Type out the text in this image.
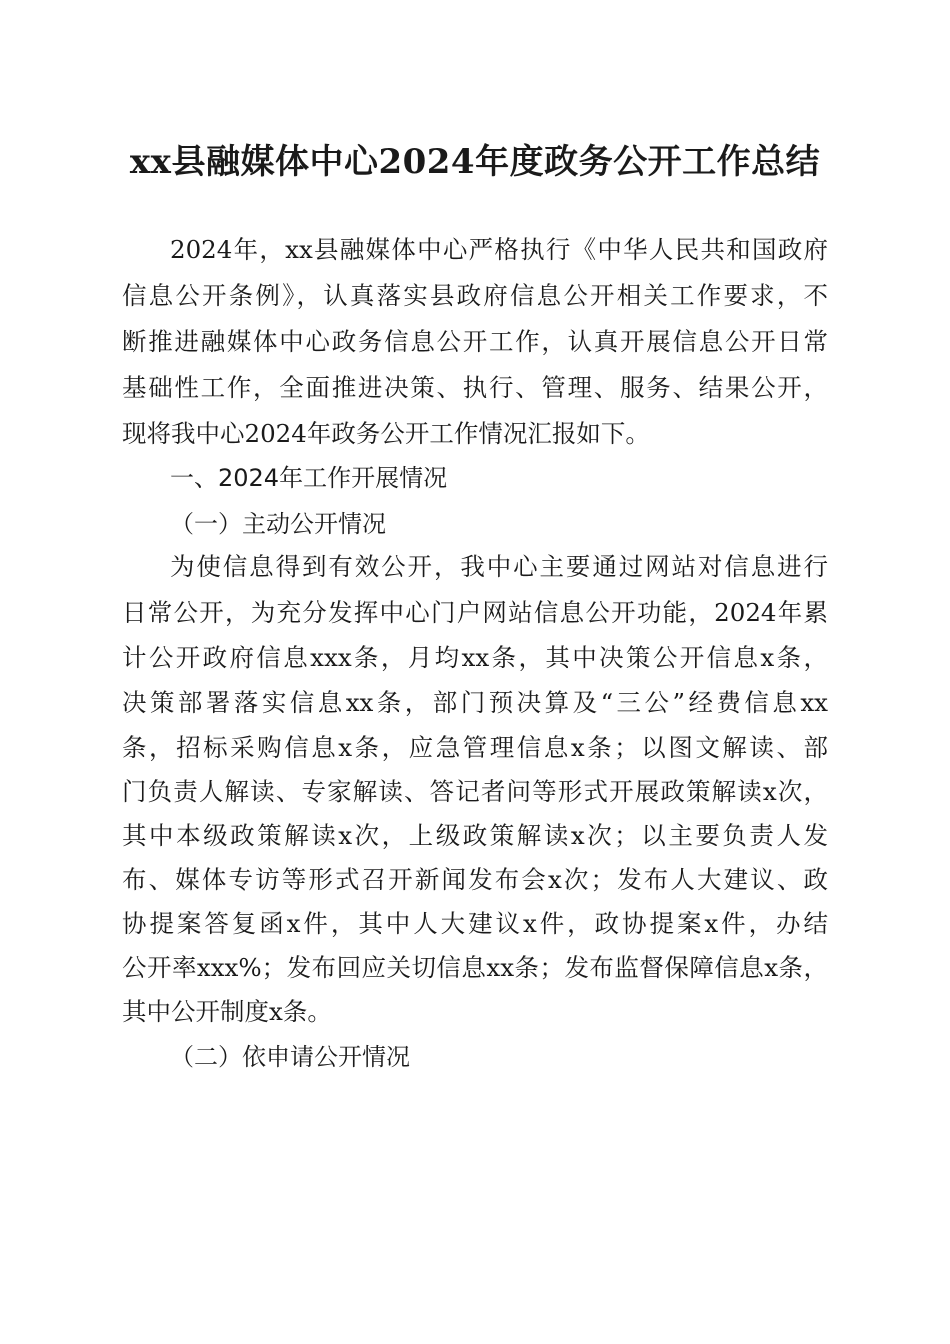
xx县融媒体中心2024年度政务公开工作总结
2024年，xx县融媒体中心严格执行《中华人民共和国政府
信息公开条例》，认真落实县政府信息公开相关工作要求，不
断推进融媒体中心政务信息公开工作，认真开展信息公开日常
基础性工作，全面推进决策、执行、管理、服务、结果公开，
现将我中心2024年政务公开工作情况汇报如下。
一、2024年工作开展情况
（一）主动公开情况
为使信息得到有效公开，我中心主要通过网站对信息进行
日常公开，为充分发挥中心门户网站信息公开功能，2024年累
计公开政府信息xxx条，月均xx条，其中决策公开信息x条，
决策部署落实信息xx条，部门预决算及“三公”经费信息xx
条，招标采购信息x条，应急管理信息x条；以图文解读、部
门负责人解读、专家解读、答记者问等形式开展政策解读x次，
其中本级政策解读x次，上级政策解读x次；以主要负责人发
布、媒体专访等形式召开新闻发布会x次；发布人大建议、政
协提案答复函x件，其中人大建议x件，政协提案x件，办结
公开率xxx%；发布回应关切信息xx条；发布监督保障信息x条，
其中公开制度x条。
（二）依申请公开情况
